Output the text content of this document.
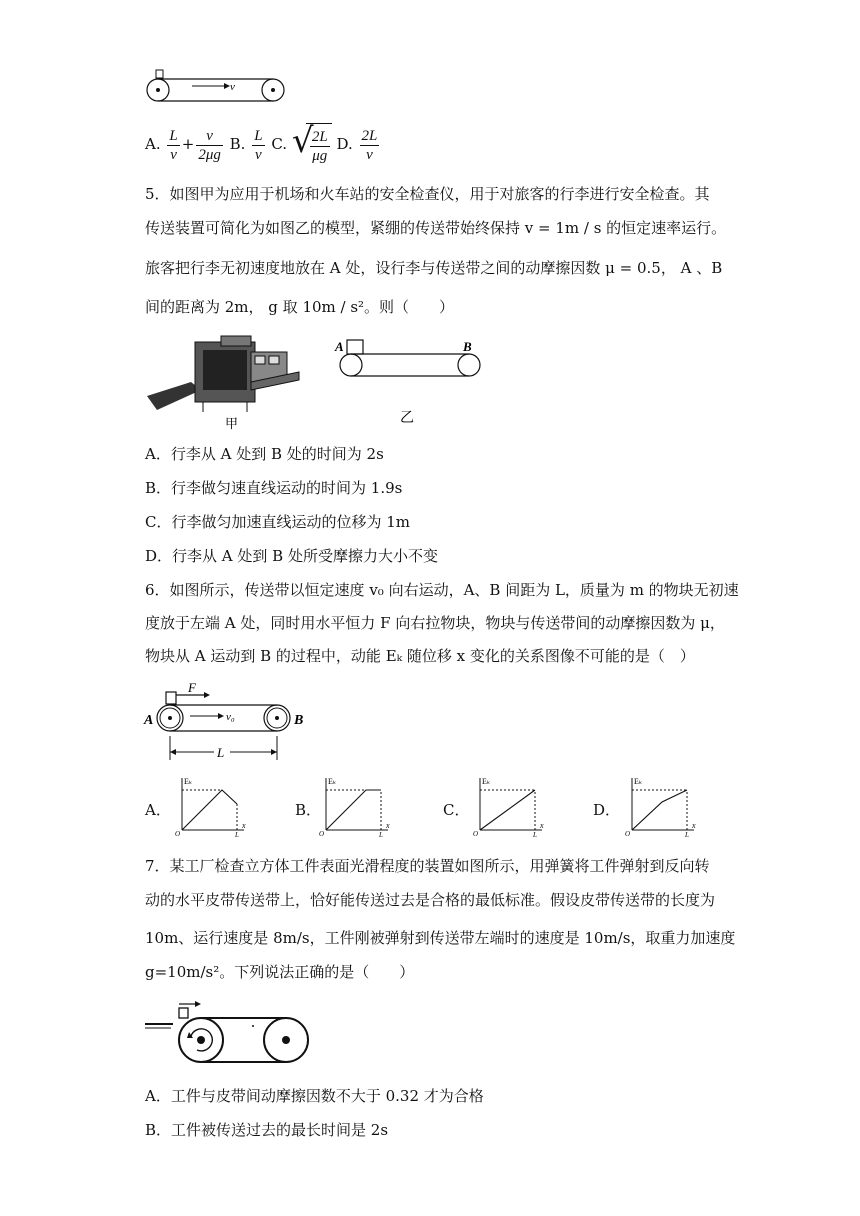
v
A. $\frac{L}{v} + \frac{v}{2\mu g} B$. $\frac{L}{v} C$. √
$\frac{2L}{\mu g} D$. $\frac{2L}{v}$
5．如图甲为应用于机场和火车站的安全检查仪，用于对旅客的行李进行安全检查。其
传送装置可简化为如图乙的模型，紧绷的传送带始终保持 v = 1m / s 的恒定速率运行。
旅客把行李无初速度地放在 A 处，设行李与传送带之间的动摩擦因数 μ = 0.5， A 、B
间的距离为 2m， g 取 10m / s²。则（　　）
甲
A	B
乙
A．行李从 A 处到 B 处的时间为 2s
B．行李做匀速直线运动的时间为 1.9s
C．行李做匀加速直线运动的位移为 1m
D．行李从 A 处到 B 处所受摩擦力大小不变
6．如图所示，传送带以恒定速度 v₀ 向右运动，A、B 间距为 L，质量为 m 的物块无初速
度放于左端 A 处，同时用水平恒力 F 向右拉物块，物块与传送带间的动摩擦因数为 μ，
物块从 A 运动到 B 的过程中，动能 Eₖ 随位移 x 变化的关系图像不可能的是（　）
F
A	B
v₀
L
A．	B．	C．	D．
Eₖ
x
O	L
Eₖ
x
O	L
Eₖ
x
O	L
Eₖ
x
O	L
7．某工厂检查立方体工件表面光滑程度的装置如图所示，用弹簧将工件弹射到反向转
动的水平皮带传送带上，恰好能传送过去是合格的最低标准。假设皮带传送带的长度为
10m、运行速度是 8m/s，工件刚被弹射到传送带左端时的速度是 10m/s，取重力加速度
g=10m/s²。下列说法正确的是（　　）
A．工件与皮带间动摩擦因数不大于 0.32 才为合格
B．工件被传送过去的最长时间是 2s
